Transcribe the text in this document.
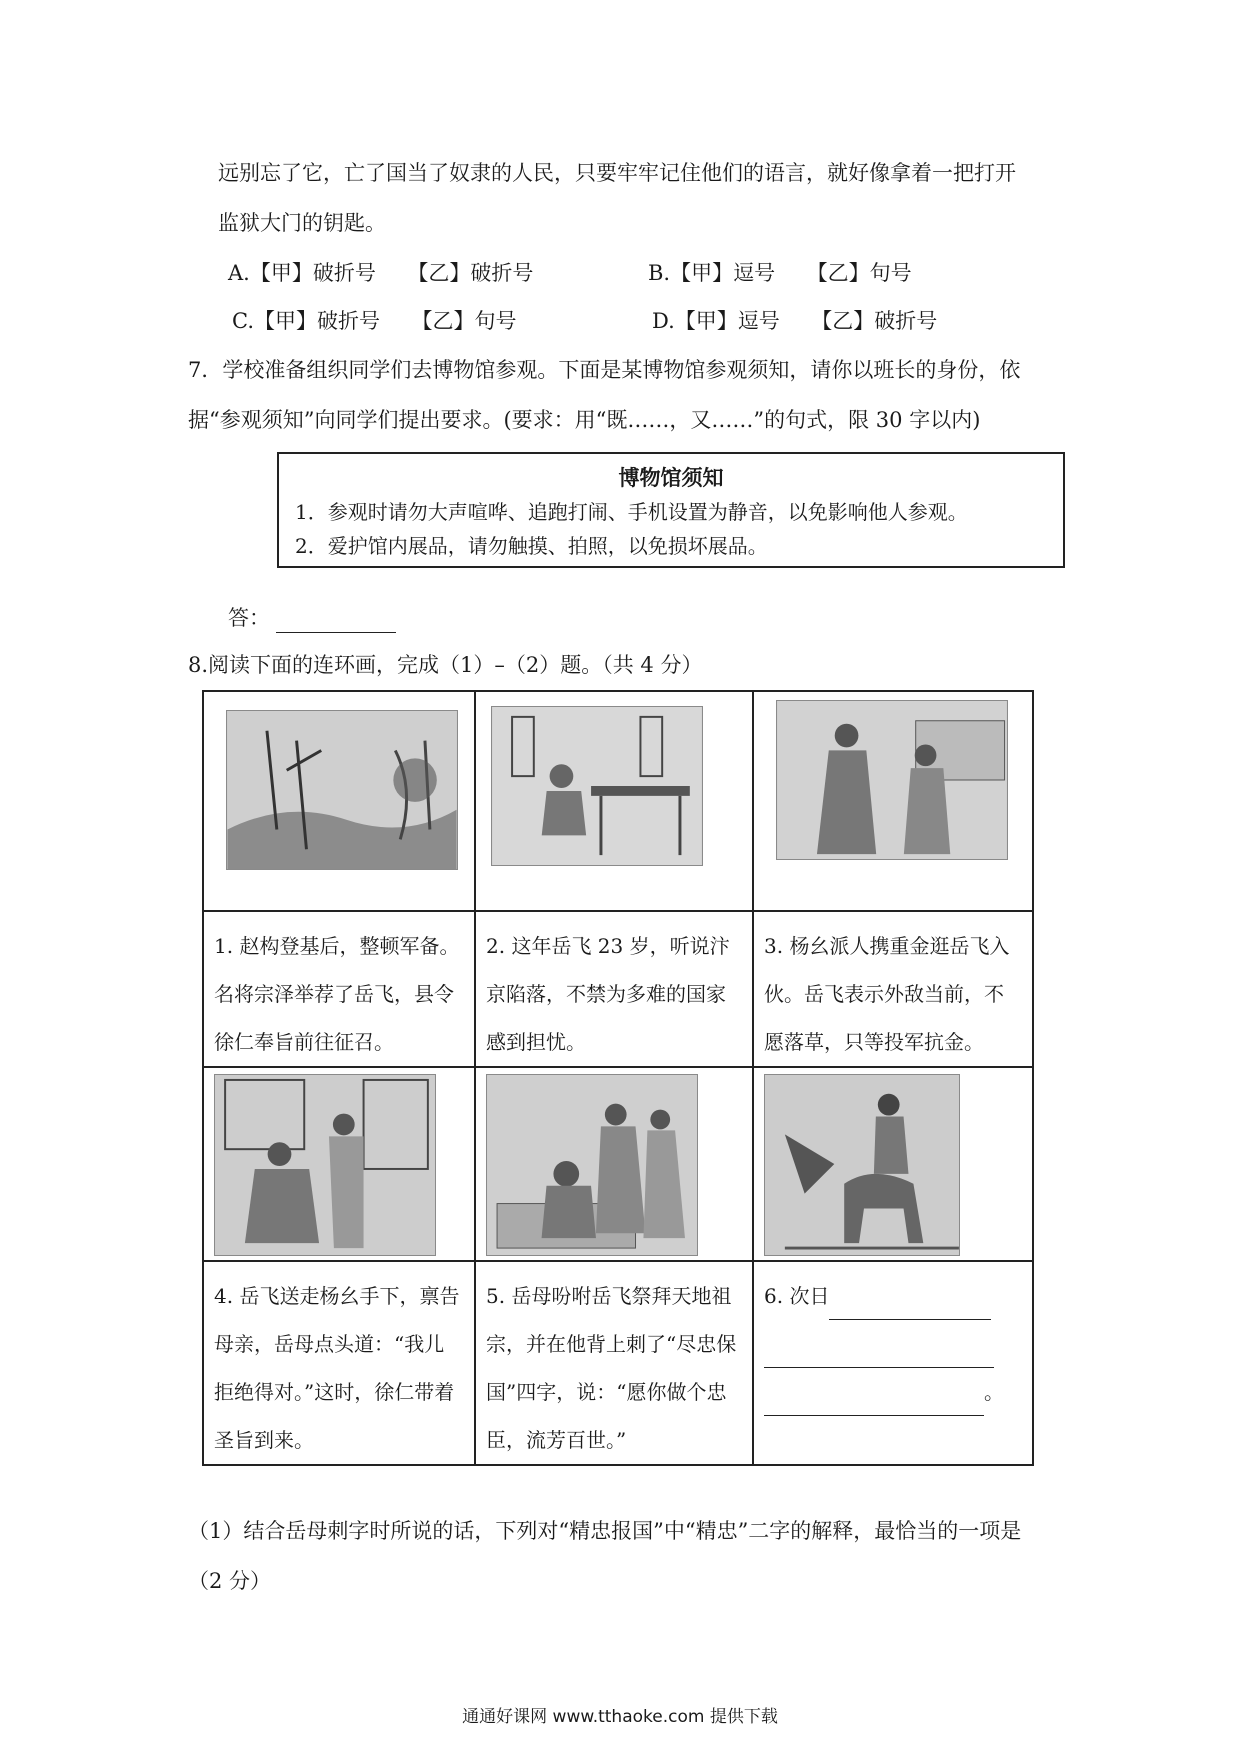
远别忘了它，亡了国当了奴隶的人民，只要牢牢记住他们的语言，就好像拿着一把打开
监狱大门的钥匙。
A.【甲】破折号　　【乙】破折号	B.【甲】逗号　　【乙】句号
C.【甲】破折号　　【乙】句号	D.【甲】逗号　　【乙】破折号
7．学校准备组织同学们去博物馆参观。下面是某博物馆参观须知，请你以班长的身份，依
据“参观须知”向同学们提出要求。(要求：用“既……，又……”的句式，限 30 字以内)
博物馆须知
1．参观时请勿大声喧哗、追跑打闹、手机设置为静音，以免影响他人参观。
2．爱护馆内展品，请勿触摸、拍照，以免损坏展品。
答：
8.阅读下面的连环画，完成（1）–（2）题。（共 4 分）

1. 赵构登基后，整顿军备。名将宗泽举荐了岳飞，县令徐仁奉旨前往征召。	2. 这年岳飞 23 岁，听说汴京陷落，不禁为多难的国家感到担忧。	3. 杨幺派人携重金逛岳飞入伙。岳飞表示外敌当前，不愿落草，只等投军抗金。

4. 岳飞送走杨幺手下，禀告母亲，岳母点头道：“我儿拒绝得对。”这时，徐仁带着圣旨到来。	5. 岳母吩咐岳飞祭拜天地祖宗，并在他背上刺了“尽忠保国”四字，说：“愿你做个忠臣，流芳百世。”	6. 次日

。
（1）结合岳母刺字时所说的话，下列对“精忠报国”中“精忠”二字的解释，最恰当的一项是
（2 分）
通通好课网 www.tthaoke.com 提供下载
